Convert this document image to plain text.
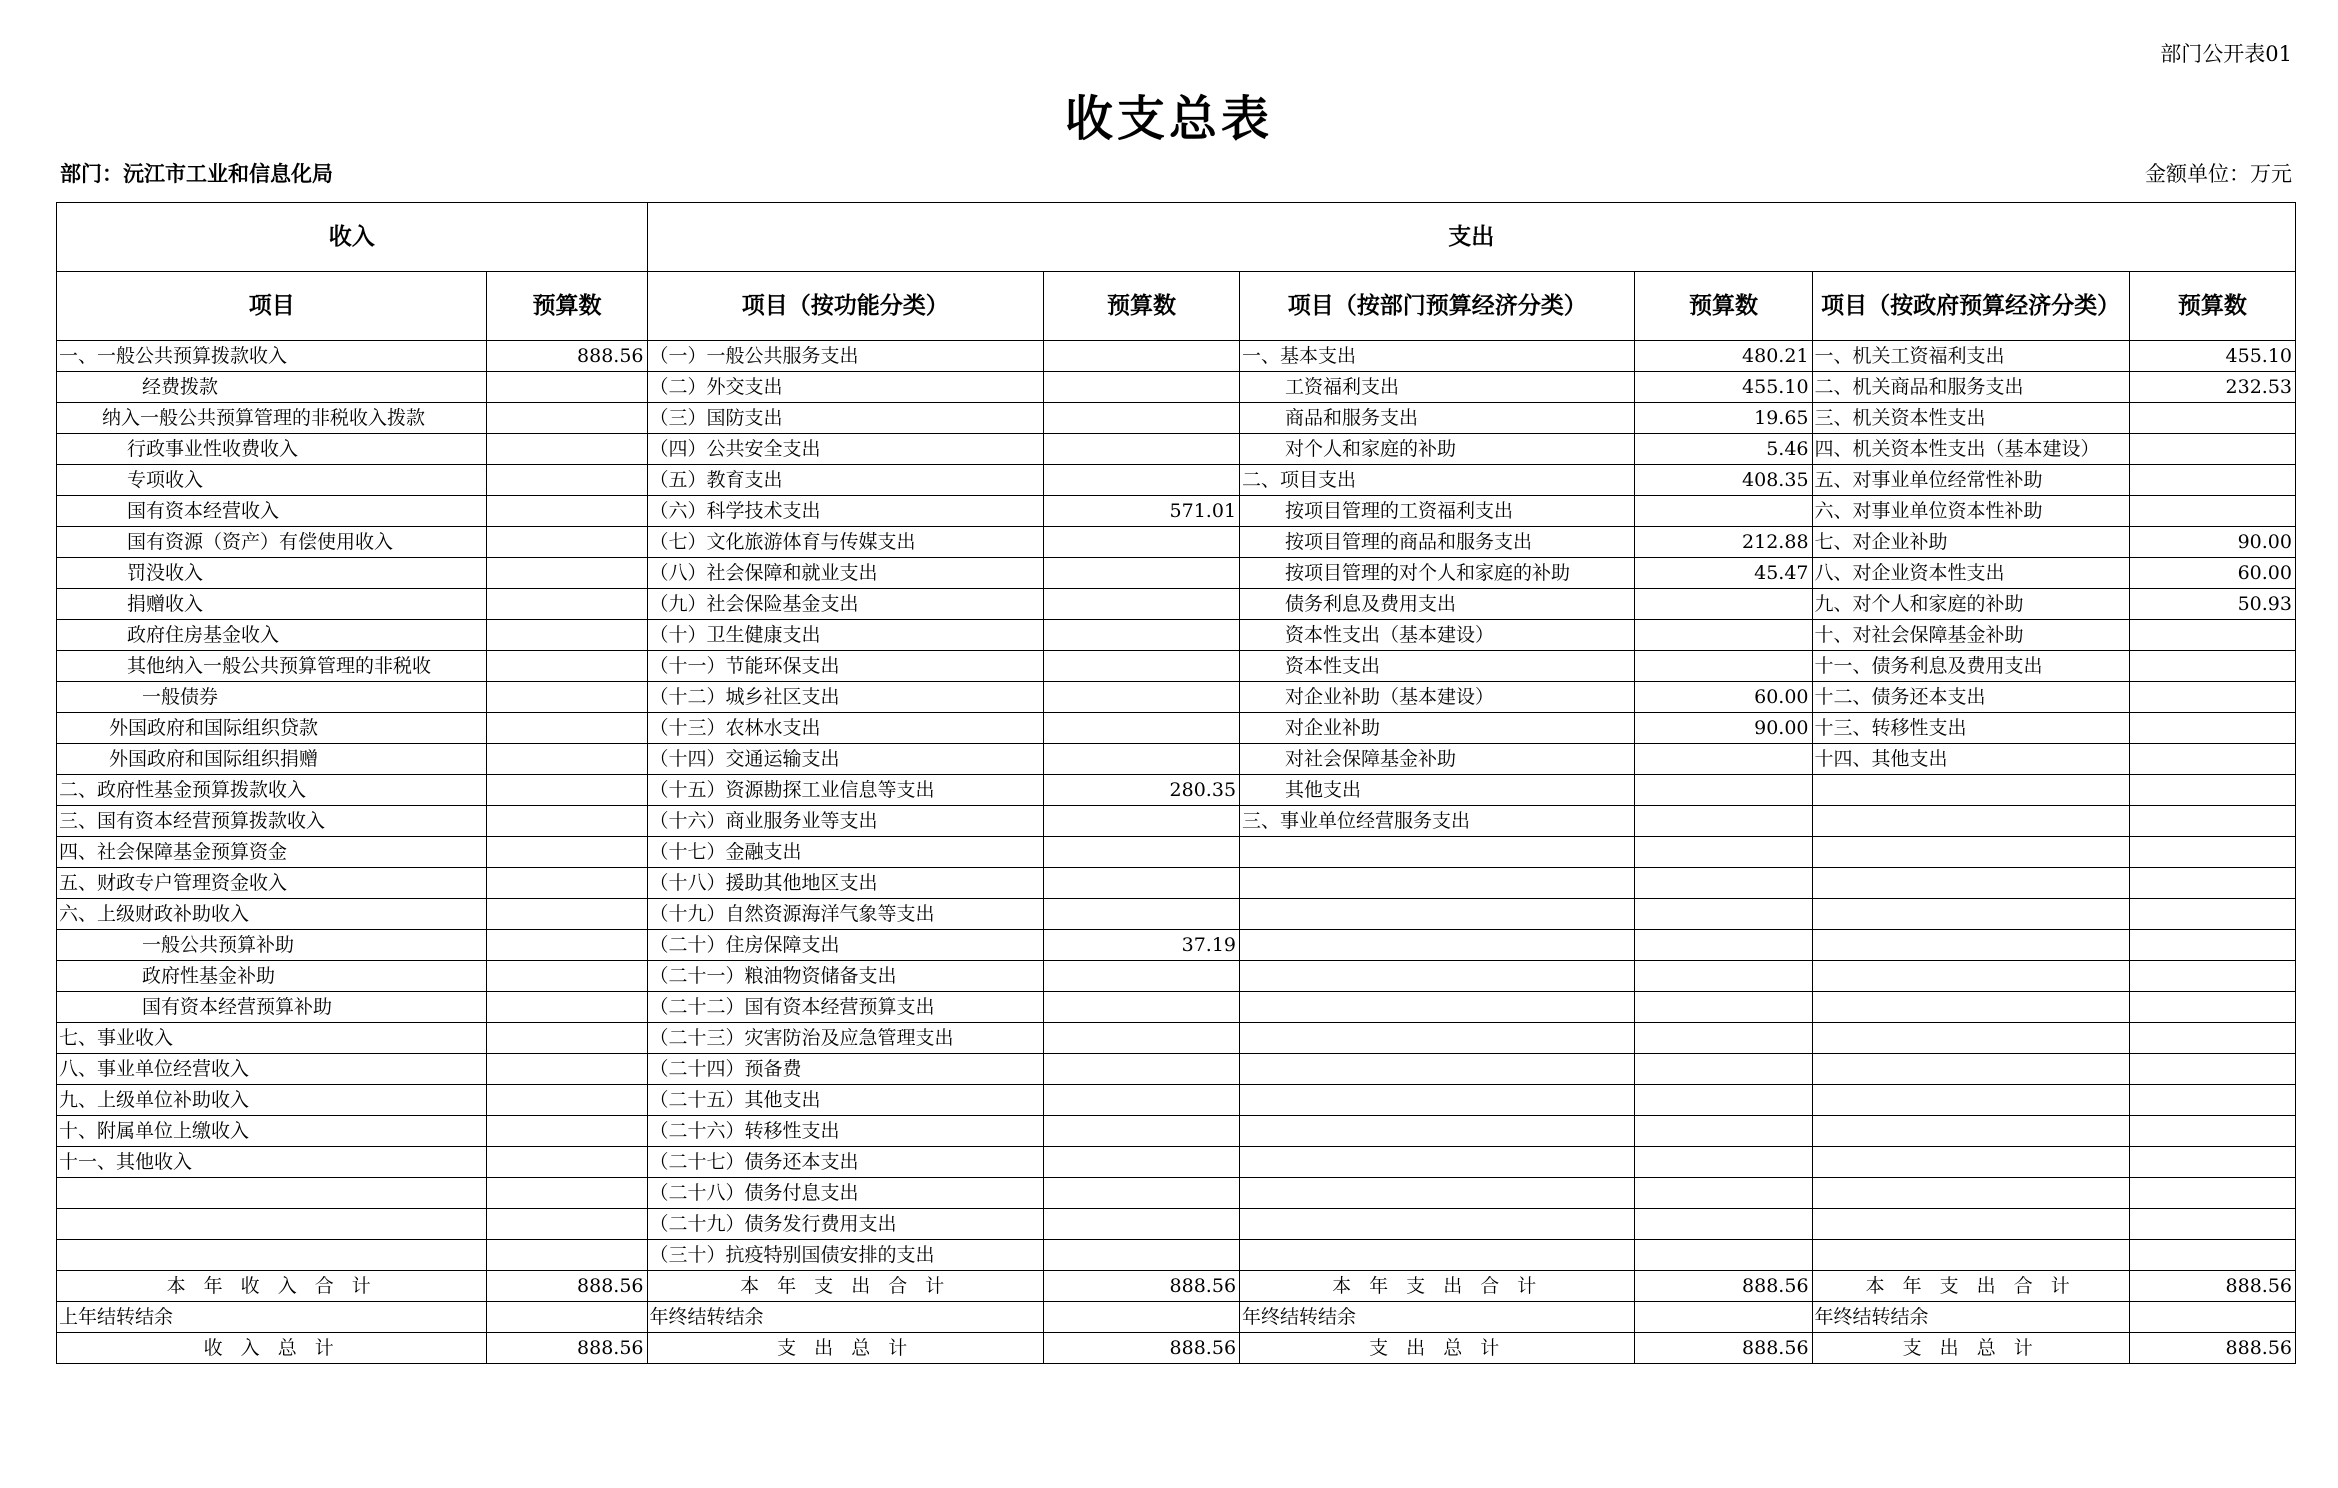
部门公开表01
收支总表
部门：沅江市工业和信息化局	金额单位：万元
收入		支出					
项目	预算数	项目（按功能分类）	预算数	项目（按部门预算经济分类）	预算数	项目（按政府预算经济分类）	预算数
一、一般公共预算拨款收入	888.56	（一）一般公共服务支出		一、基本支出	480.21	一、机关工资福利支出	455.10
经费拨款		（二）外交支出		工资福利支出	455.10	二、机关商品和服务支出	232.53
纳入一般公共预算管理的非税收入拨款		（三）国防支出		商品和服务支出	19.65	三、机关资本性支出	
行政事业性收费收入		（四）公共安全支出		对个人和家庭的补助	5.46	四、机关资本性支出（基本建设）	
专项收入		（五）教育支出		二、项目支出	408.35	五、对事业单位经常性补助	
国有资本经营收入		（六）科学技术支出	571.01	按项目管理的工资福利支出		六、对事业单位资本性补助	
国有资源（资产）有偿使用收入		（七）文化旅游体育与传媒支出		按项目管理的商品和服务支出	212.88	七、对企业补助	90.00
罚没收入		（八）社会保障和就业支出		按项目管理的对个人和家庭的补助	45.47	八、对企业资本性支出	60.00
捐赠收入		（九）社会保险基金支出		债务利息及费用支出		九、对个人和家庭的补助	50.93
政府住房基金收入		（十）卫生健康支出		资本性支出（基本建设）		十、对社会保障基金补助	
其他纳入一般公共预算管理的非税收		（十一）节能环保支出		资本性支出		十一、债务利息及费用支出	
一般债券		（十二）城乡社区支出		对企业补助（基本建设）	60.00	十二、债务还本支出	
外国政府和国际组织贷款		（十三）农林水支出		对企业补助	90.00	十三、转移性支出	
外国政府和国际组织捐赠		（十四）交通运输支出		对社会保障基金补助		十四、其他支出	
二、政府性基金预算拨款收入		（十五）资源勘探工业信息等支出	280.35	其他支出			
三、国有资本经营预算拨款收入		（十六）商业服务业等支出		三、事业单位经营服务支出			
四、社会保障基金预算资金		（十七）金融支出					
五、财政专户管理资金收入		（十八）援助其他地区支出					
六、上级财政补助收入		（十九）自然资源海洋气象等支出					
一般公共预算补助		（二十）住房保障支出	37.19				
政府性基金补助		（二十一）粮油物资储备支出					
国有资本经营预算补助		（二十二）国有资本经营预算支出					
七、事业收入		（二十三）灾害防治及应急管理支出					
八、事业单位经营收入		（二十四）预备费					
九、上级单位补助收入		（二十五）其他支出					
十、附属单位上缴收入		（二十六）转移性支出					
十一、其他收入		（二十七）债务还本支出					
		（二十八）债务付息支出					
		（二十九）债务发行费用支出					
		（三十）抗疫特别国债安排的支出					
本 年 收 入 合 计	888.56	本 年 支 出 合 计	888.56	本 年 支 出 合 计	888.56	本 年 支 出 合 计	888.56
上年结转结余		年终结转结余		年终结转结余		年终结转结余	
收 入 总 计	888.56	支 出 总 计	888.56	支 出 总 计	888.56	支 出 总 计	888.56
